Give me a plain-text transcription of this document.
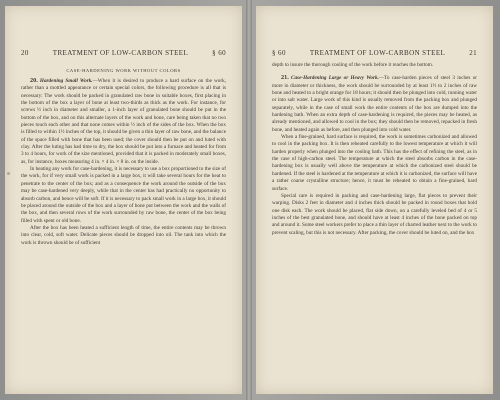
20	TREATMENT OF LOW-CARBON STEEL	§ 60
CASE-HARDENING WORK WITHOUT COLORS

20. Hardening Small Work.—When it is desired to produce a hard surface on the work, rather than a mottled appearance or certain special colors, the following procedure is all that is necessary: The work should be packed in granulated raw bone in suitable boxes, first placing in the bottom of the box a layer of bone at least two-thirds as thick as the work. For instance, for screws ½ inch in diameter and smaller, a 1-inch layer of granulated bone should be put in the bottom of the box, and on this alternate layers of the work and bone, care being taken that no two pieces touch each other and that none comes within ½ inch of the sides of the box. When the box is filled to within 1½ inches of the top, it should be given a thin layer of raw bone, and the balance of the space filled with bone that has been used; the cover should then be put on and luted with clay. After the luting has had time to dry, the box should be put into a furnace and heated for from 3 to 4 hours, for work of the size mentioned, provided that it is packed in moderately small boxes, as, for instance, boxes measuring 4 in. × 4 in. × 8 in. on the inside.

In heating any work for case-hardening, it is necessary to use a box proportioned to the size of the work, for if very small work is packed in a large box, it will take several hours for the heat to penetrate to the center of the box; and as a consequence the work around the outside of the box may be case-hardened very deeply, while that in the center has had practically no opportunity to absorb carbon, and hence will be soft. If it is necessary to pack small work in a large box, it should be placed around the outside of the box and a layer of bone put between the work and the walls of the box, and then several rows of the work surrounded by raw bone, the center of the box being filled with spent or old bone.

After the box has been heated a sufficient length of time, the entire contents may be thrown into clear, cold, soft water. Delicate pieces should be dropped into oil. The tank into which the work is thrown should be of sufficient

§ 60	TREATMENT OF LOW-CARBON STEEL	21

depth to insure the thorough cooling of the work before it reaches the bottom.

21. Case-Hardening Large or Heavy Work.—To case-harden pieces of steel 3 inches or more in diameter or thickness, the work should be surrounded by at least 1½ to 2 inches of raw bone and heated to a bright orange for 18 hours; it should then be plunged into cold, running water or into salt water. Large work of this kind is usually removed from the packing box and plunged separately, while in the case of small work the entire contents of the box are dumped into the hardening bath. When an extra depth of case-hardening is required, the pieces may be heated, as already mentioned, and allowed to cool in the box; they should then be removed, repacked in fresh bone, and heated again as before, and then plunged into cold water.

When a fine-grained, hard surface is required, the work is sometimes carbonized and allowed to cool in the packing box. It is then reheated carefully to the lowest temperature at which it will harden properly when plunged into the cooling bath. This has the effect of refining the steel, as in the case of high-carbon steel. The temperature at which the steel absorbs carbon in the case-hardening box is usually well above the temperature at which the carbonized steel should be hardened. If the steel is hardened at the temperature at which it is carbonized, the surface will have a rather coarse crystalline structure; hence, it must be reheated to obtain a fine-grained, hard surface.

Special care is required in packing and case-hardening large, flat pieces to prevent their warping. Disks 2 feet in diameter and 4 inches thick should be packed in round boxes that hold one disk each. The work should be placed, flat side down, on a carefully leveled bed of 4 or 5 inches of the best granulated bone, and should have at least 4 inches of the bone packed on top and around it. Some steel workers prefer to place a thin layer of charred leather next to the work to prevent scaling, but this is not necessary. After packing, the cover should be luted on, and the box
